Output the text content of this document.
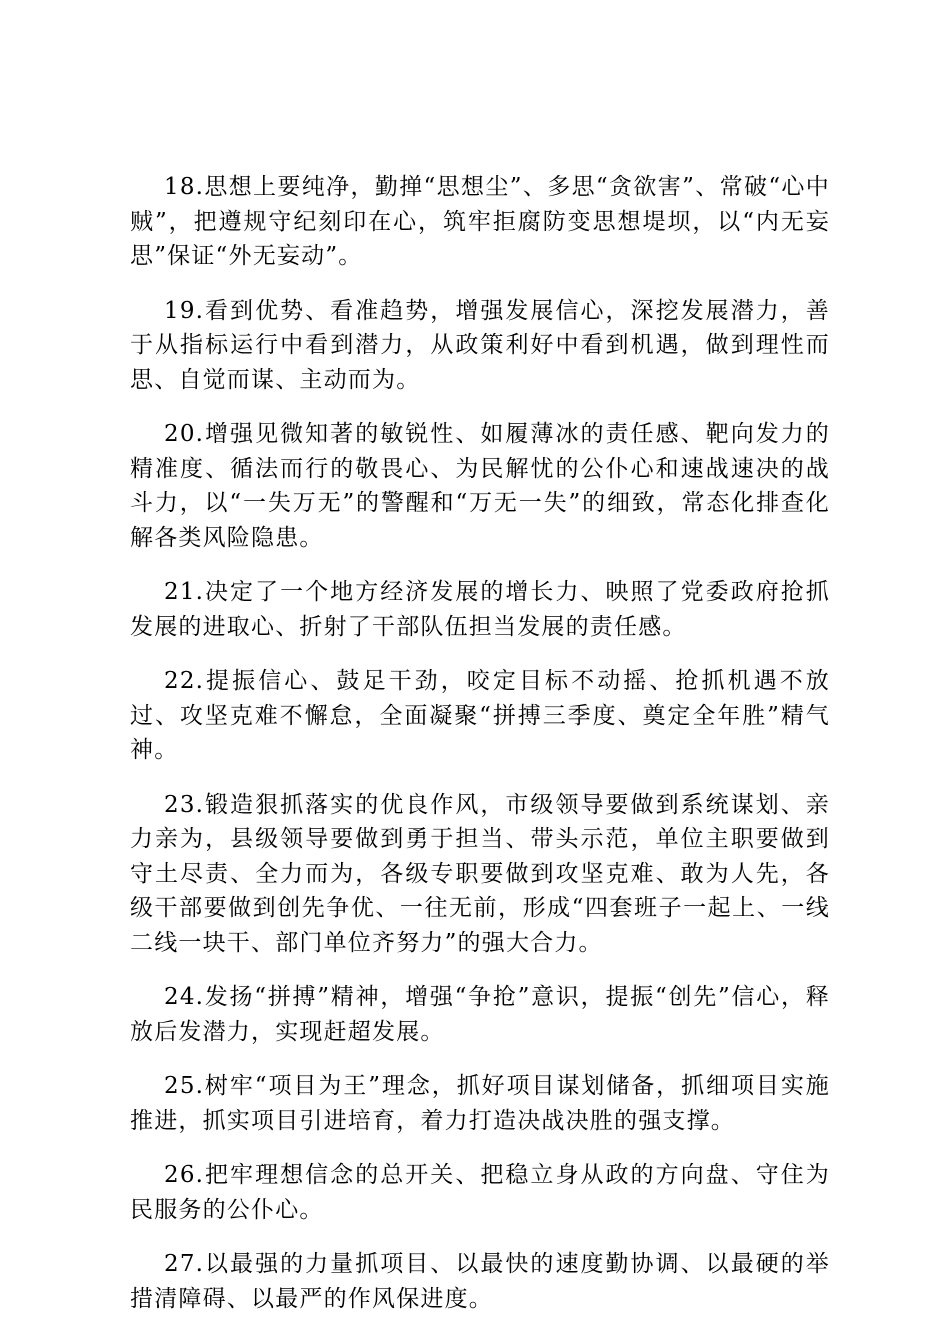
18.思想上要纯净，勤掸“思想尘”、多思“贪欲害”、常破“心中贼”，把遵规守纪刻印在心，筑牢拒腐防变思想堤坝，以“内无妄思”保证“外无妄动”。

19.看到优势、看准趋势，增强发展信心，深挖发展潜力，善于从指标运行中看到潜力，从政策利好中看到机遇，做到理性而思、自觉而谋、主动而为。

20.增强见微知著的敏锐性、如履薄冰的责任感、靶向发力的精准度、循法而行的敬畏心、为民解忧的公仆心和速战速决的战斗力，以“一失万无”的警醒和“万无一失”的细致，常态化排查化解各类风险隐患。

21.决定了一个地方经济发展的增长力、映照了党委政府抢抓发展的进取心、折射了干部队伍担当发展的责任感。

22.提振信心、鼓足干劲，咬定目标不动摇、抢抓机遇不放过、攻坚克难不懈怠，全面凝聚“拼搏三季度、奠定全年胜”精气神。

23.锻造狠抓落实的优良作风，市级领导要做到系统谋划、亲力亲为，县级领导要做到勇于担当、带头示范，单位主职要做到守土尽责、全力而为，各级专职要做到攻坚克难、敢为人先，各级干部要做到创先争优、一往无前，形成“四套班子一起上、一线二线一块干、部门单位齐努力”的强大合力。

24.发扬“拼搏”精神，增强“争抢”意识，提振“创先”信心，释放后发潜力，实现赶超发展。

25.树牢“项目为王”理念，抓好项目谋划储备，抓细项目实施推进，抓实项目引进培育，着力打造决战决胜的强支撑。

26.把牢理想信念的总开关、把稳立身从政的方向盘、守住为民服务的公仆心。

27.以最强的力量抓项目、以最快的速度勤协调、以最硬的举措清障碍、以最严的作风保进度。
